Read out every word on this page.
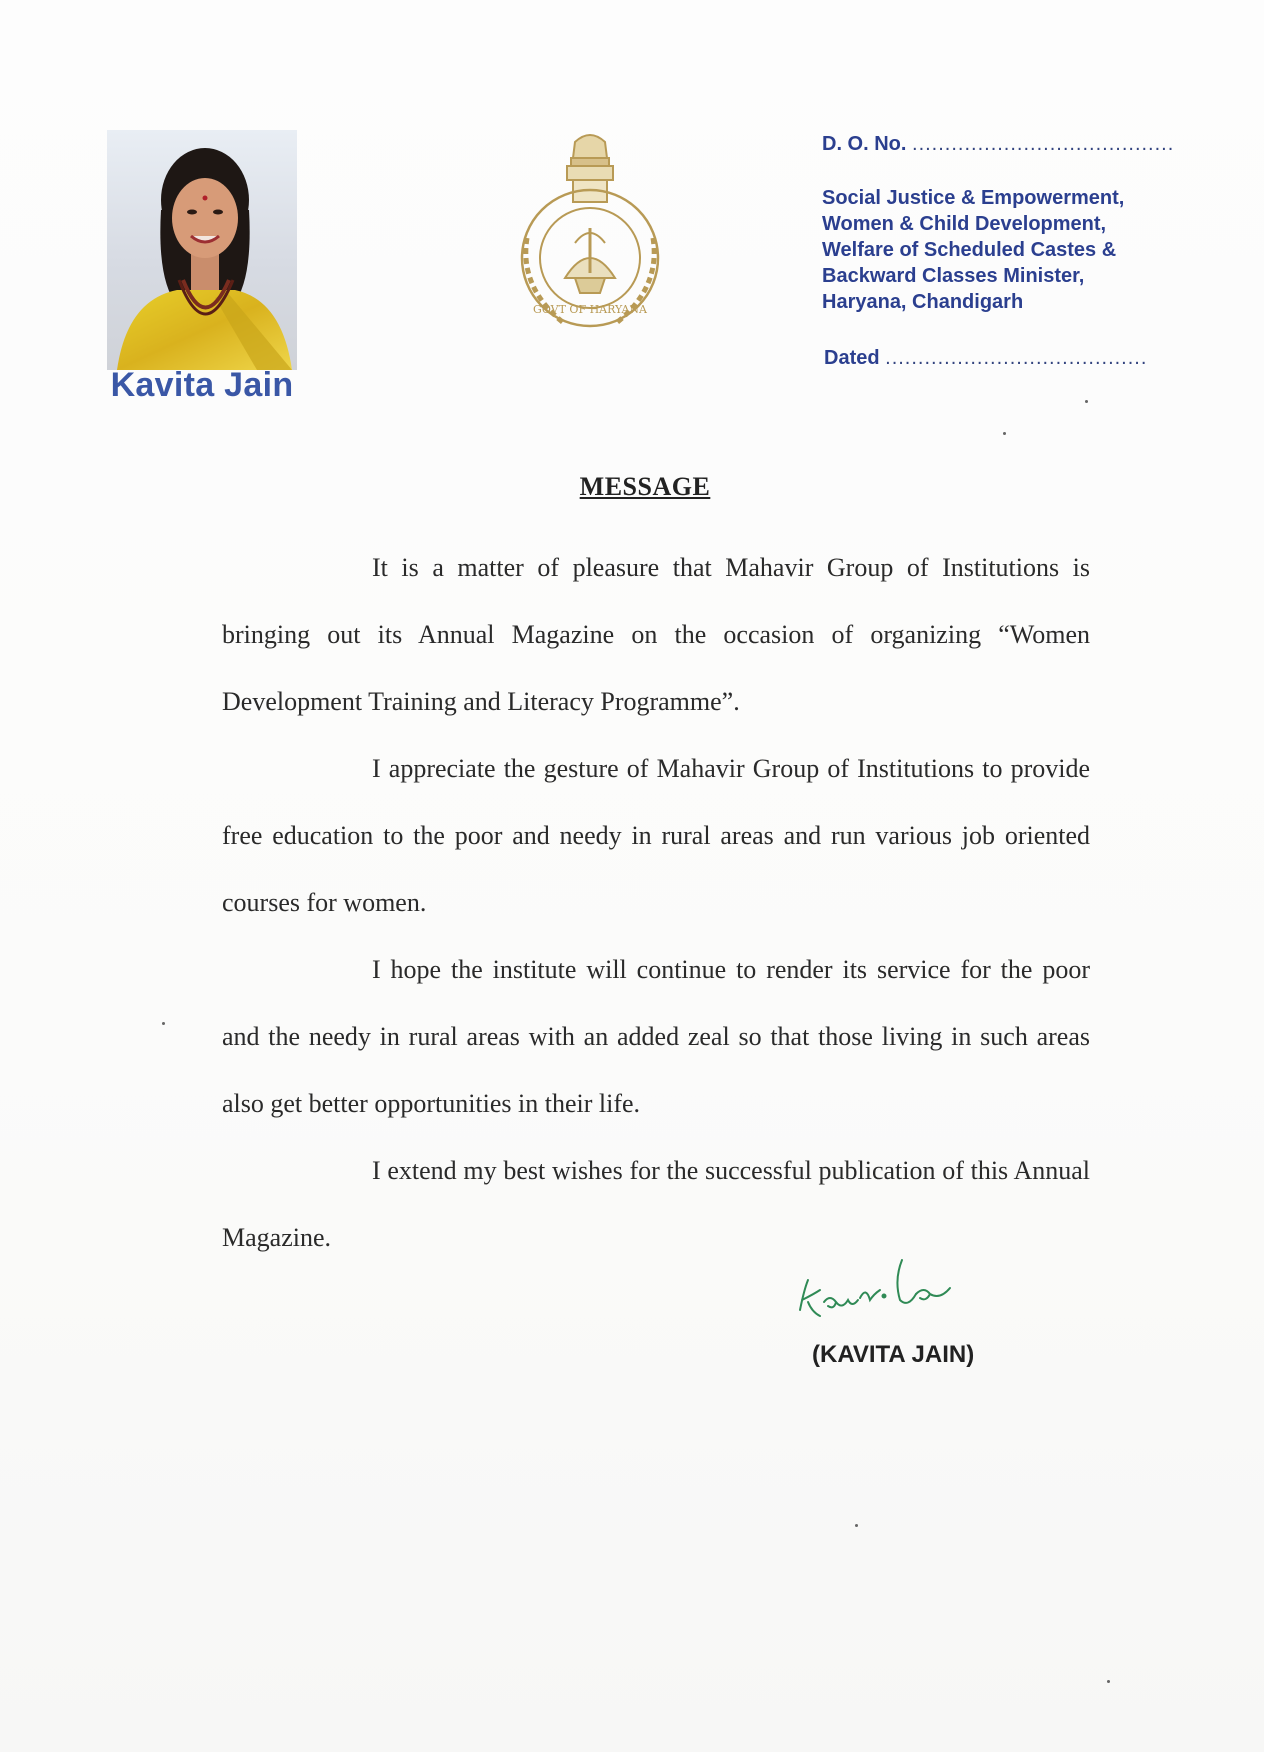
Kavita Jain
GOVT OF HARYANA
D. O. No. ........................................
Social Justice & Empowerment,
Women & Child Development,
Welfare of Scheduled Castes &
Backward Classes Minister,
Haryana, Chandigarh
Dated ........................................
MESSAGE

It is a matter of pleasure that Mahavir Group of Institutions is bringing out its Annual Magazine on the occasion of organizing “Women Development Training and Literacy Programme”.

I appreciate the gesture of Mahavir Group of Institutions to provide free education to the poor and needy in rural areas and run various job oriented courses for women.

I hope the institute will continue to render its service for the poor and the needy in rural areas with an added zeal so that those living in such areas also get better opportunities in their life.

I extend my best wishes for the successful publication of this Annual Magazine.

(KAVITA JAIN)
